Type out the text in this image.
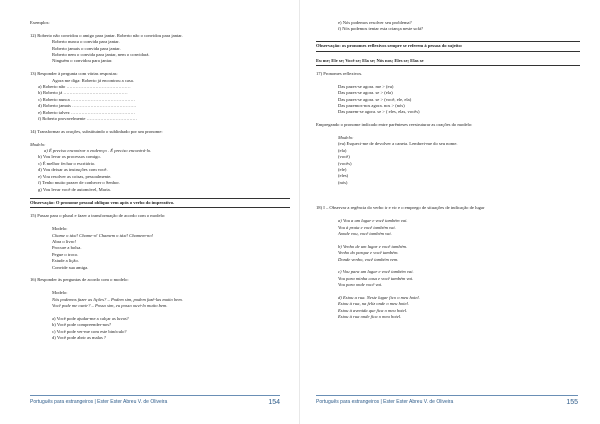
Exemplos:

12) Roberto não convidou o amigo para jantar. Roberto não o convidou para jantar.

Roberto nunca o convida para jantar.

Roberto jamais o convida para jantar.

Roberto nem o convida para jantar, nem o convidará.

Ninguém o convidou para jantar.

13) Responder à pergunta com várias respostas:

Agora me diga: Roberto já encontrou a casa.

a) Roberto não ……………………………………

b) Roberto já ……………………………………

c) Roberto nunca ……………………………………

d) Roberto jamais ……………………………………

e) Roberto talvez ……………………………………

f) Roberto provavelmente ……………………………

14) Transformar as orações, substituindo o sublinhado por um pronome:

Modelo:

a) É preciso encontrar o endereço . É preciso encontrá-lo.

b) Vou levar os processos comigo.

c) É melhor fechar o escritório.

d) Vou deixar as instruções com você.

e) Vou resolver as coisas, pessoalmente.

f) Tenho muito prazer de conhecer o Senhor.

g) Vou levar você de automóvel, Maria.

Observação: O pronome pessoal oblíquo vem após o verbo do imperativo.

15) Passar para o plural e fazer a transformação de acordo com o modelo:

Modelo:

Chame o táxi! Chame-o! Chamem o táxi! Chamem-no!

Abra o livro!

Procure a bolsa.

Pegue o troco.

Estude a lição.

Convide sua amiga.

16) Responder às perguntas de acordo com o modelo:

Modelo:

Nós podemos fazer as lições? – Podem sim, podem fazê-las muito bem.

Você pode me ouvir? – Posso sim, eu posso ouvi-lo muito bem.

a) Você pode ajudar-me a calçar as luvas?

b) Você pode compreender-nos?

c) Você pode ver-me com este binóculo?

d) Você pode abrir as malas ?

Português para estrangeiros | Ester Ester Abreu V. de Oliveira	154

e) Nós podemos resolver seu problema?

f) Nós podemos tentar esta criança neste sofá?

Observação: os pronomes reflexivos sempre se referem à pessoa do sujeito:
Eu me; Ele se; Você se; Ela se; Nós nos; Eles se; Elas se

17) Pronomes reflexivos.

Das pazes-se agora. me > (eu)

Das pazes-se agora. se > (ela)

Das pazes-se agora. se > (você, ele, ela)

Das pazemos-nos agora. nos > (nós)

Das pazem-se agora. se > ( eles, elas, vocês)

Empregando o pronome indicado entre parênteses reestruturar as orações do modelo:

Modelo:

(eu) Esqueci-me de devolver a caneta. Lembrei-me do seu nome.

(ela)

(você)

(vocês)

(ele)

(eles)

(nós)

18) I – Observar a regência do verbo ir e vir e o emprego de situações de indicação de lugar

a) Vou a um lugar e você também vai.

Vou à praia e você também vai.

Aonde vou, você também vai.

b) Venho de um lugar e você também.

Venho do parque e você também.

Donde venho, você também vem.

c) Vou para um lugar e você também vai.

Vou para minha casa e você também vai.

Vou para onde você vai.

d) Estou a rua. Neste lugar fico o meu hotel.

Estou à rua, na feliz onde o meu hotel.

Estou à avenida que fica o meu hotel.

Estou à rua onde fica o meu hotel.

Português para estrangeiros | Ester Ester Abreu V. de Oliveira	155
